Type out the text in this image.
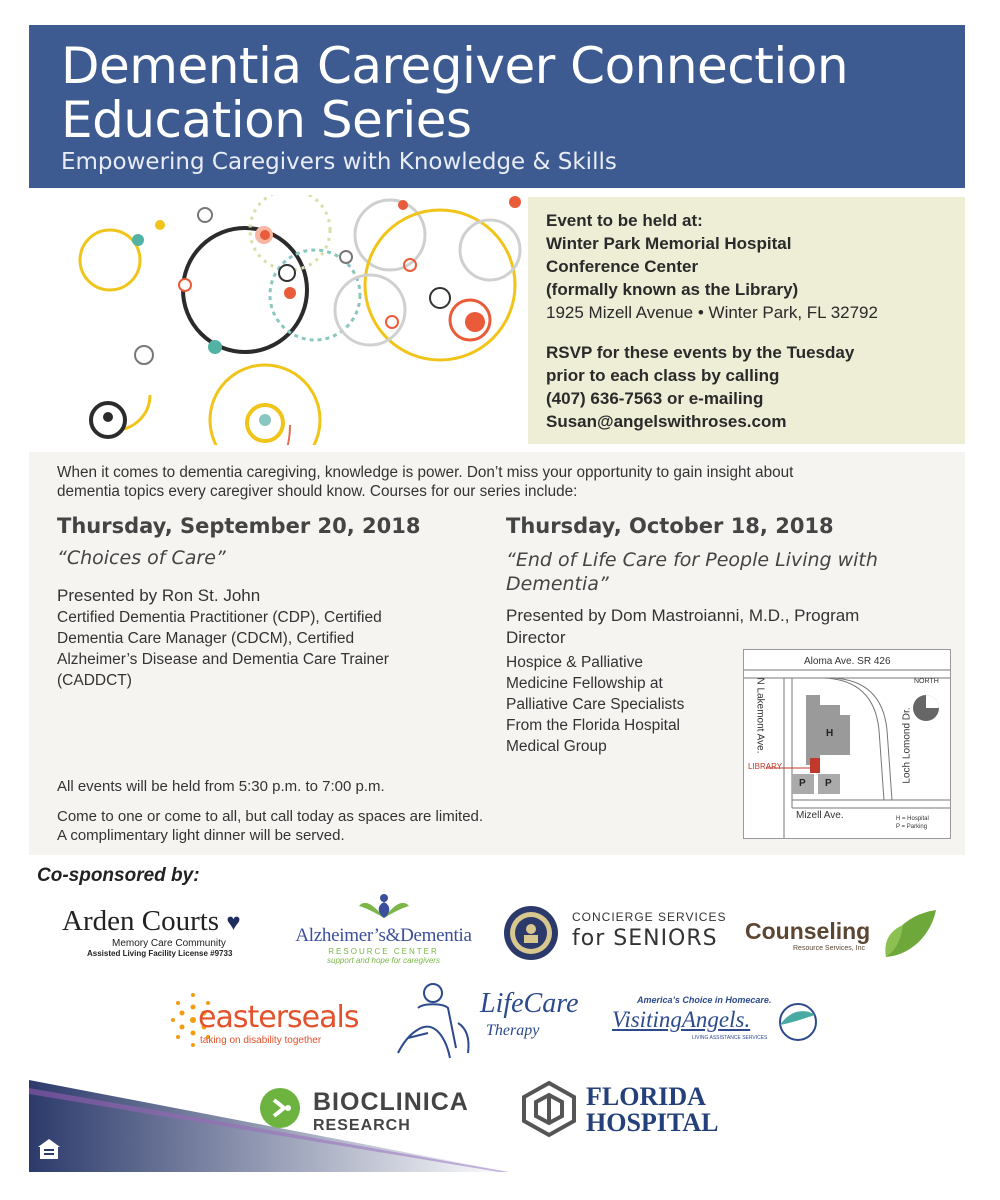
Dementia Caregiver Connection
Education Series
Empowering Caregivers with Knowledge & Skills
Event to be held at:
Winter Park Memorial Hospital
Conference Center
(formally known as the Library)
1925 Mizell Avenue • Winter Park, FL 32792
RSVP for these events by the Tuesday
prior to each class by calling
(407) 636-7563 or e-mailing
Susan@angelswithroses.com
When it comes to dementia caregiving, knowledge is power. Don’t miss your opportunity to gain insight about
dementia topics every caregiver should know. Courses for our series include:
Thursday, September 20, 2018
“Choices of Care”
Presented by Ron St. John
Certified Dementia Practitioner (CDP), Certified
Dementia Care Manager (CDCM), Certified
Alzheimer’s Disease and Dementia Care Trainer
(CADDCT)
Thursday, October 18, 2018
“End of Life Care for People Living with
Dementia”
Presented by Dom Mastroianni, M.D., Program
Director
Hospice & Palliative
Medicine Fellowship at
Palliative Care Specialists
From the Florida Hospital
Medical Group
All events will be held from 5:30 p.m. to 7:00 p.m.
Come to one or come to all, but call today as spaces are limited.
A complimentary light dinner will be served.
Aloma Ave. SR 426
N Lakemont Ave.	Loch Lomond Dr.
Mizell Ave.
NORTH
LIBRARY
H
P P
H = Hospital
P = Parking
Co-sponsored by:
Arden Courts ♥
Memory Care Community
Assisted Living Facility License #9733
Alzheimer’s&Dementia
RESOURCE CENTER
support and hope for caregivers
CONCIERGE SERVICES
for SENIORS Counseling
Resource Services, Inc
easterseals
taking on disability together
LifeCare
Therapy
America’s Choice in Homecare.
VisitingAngels.
LIVING ASSISTANCE SERVICES
BIOCLINICA
RESEARCH
FLORIDA
HOSPITAL
